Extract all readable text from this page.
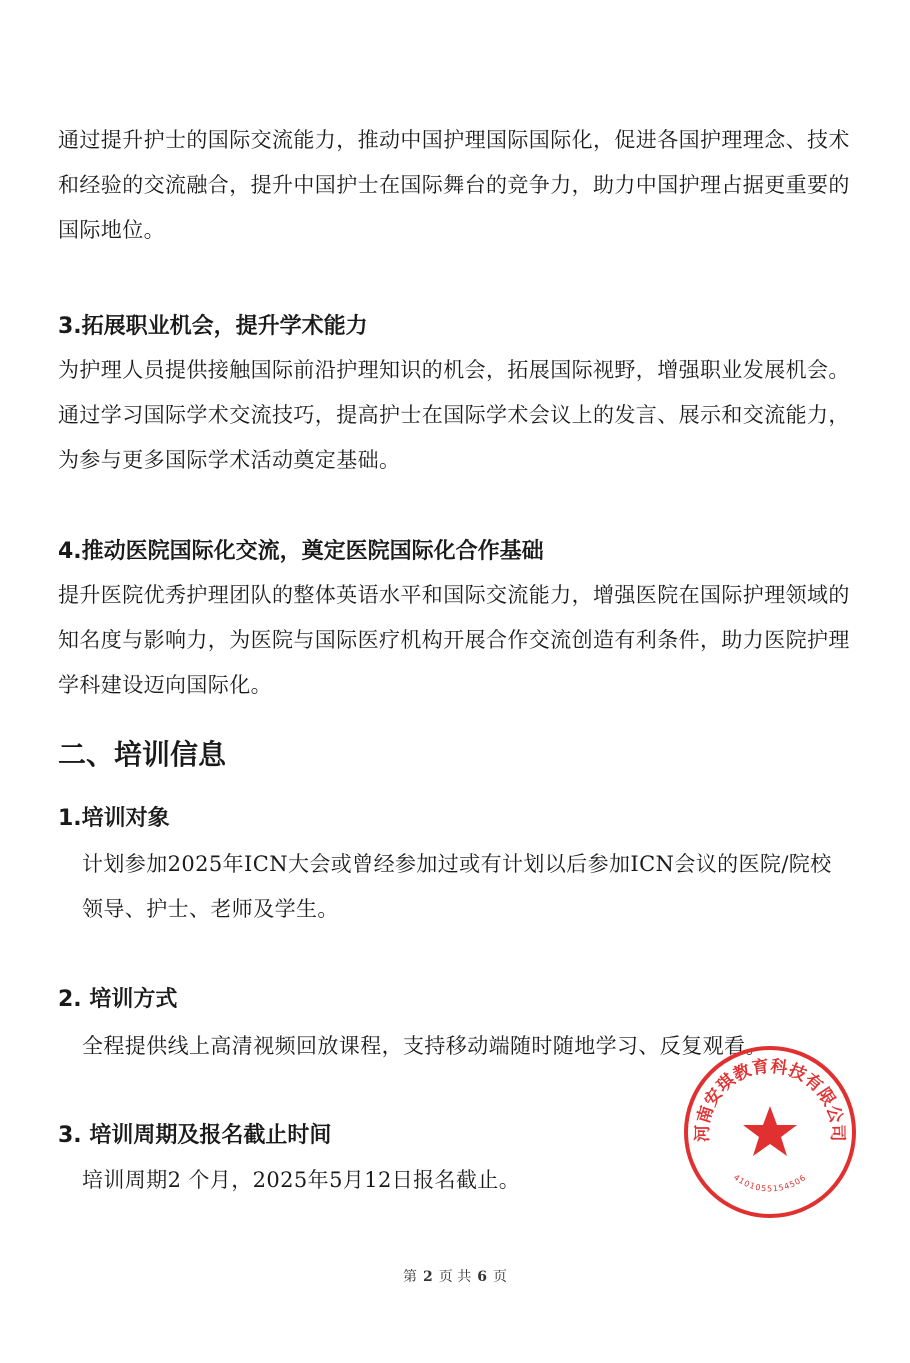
通过提升护士的国际交流能力，推动中国护理国际国际化，促进各国护理理念、技术和经验的交流融合，提升中国护士在国际舞台的竞争力，助力中国护理占据更重要的国际地位。

3.拓展职业机会，提升学术能力

为护理人员提供接触国际前沿护理知识的机会，拓展国际视野，增强职业发展机会。通过学习国际学术交流技巧，提高护士在国际学术会议上的发言、展示和交流能力，为参与更多国际学术活动奠定基础。

4.推动医院国际化交流，奠定医院国际化合作基础

提升医院优秀护理团队的整体英语水平和国际交流能力，增强医院在国际护理领域的知名度与影响力，为医院与国际医疗机构开展合作交流创造有利条件，助力医院护理学科建设迈向国际化。

二、培训信息
1.培训对象

计划参加2025年ICN大会或曾经参加过或有计划以后参加ICN会议的医院/院校领导、护士、老师及学生。

2. 培训方式

全程提供线上高清视频回放课程，支持移动端随时随地学习、反复观看。

3. 培训周期及报名截止时间

培训周期2 个月，2025年5月12日报名截止。

河南安琪教育科技有限公司
4101055154506
第 2 页 共 6 页
